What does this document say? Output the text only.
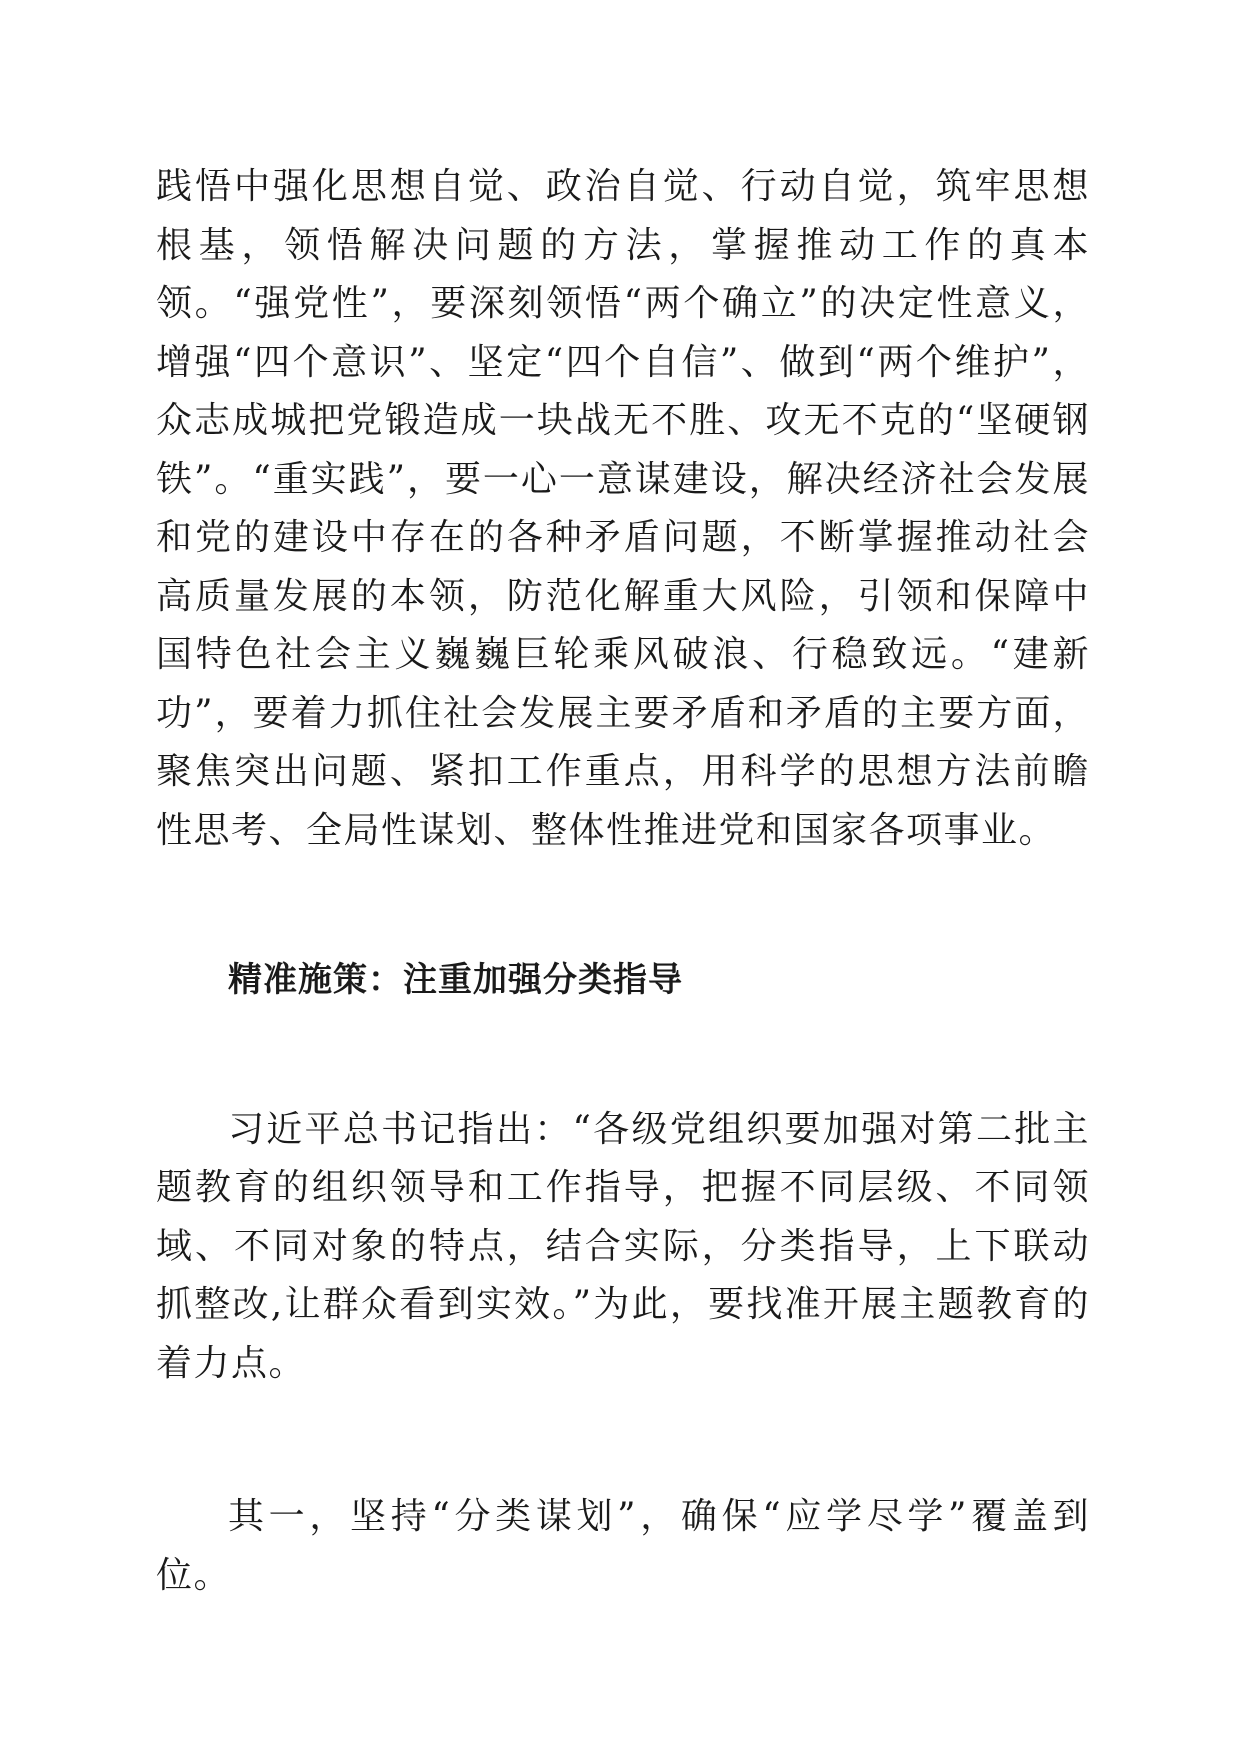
践悟中强化思想自觉、政治自觉、行动自觉，筑牢思想根基，领悟解决问题的方法，掌握推动工作的真本领。“强党性”，要深刻领悟“两个确立”的决定性意义，增强“四个意识”、坚定“四个自信”、做到“两个维护”，众志成城把党锻造成一块战无不胜、攻无不克的“坚硬钢铁”。“重实践”，要一心一意谋建设，解决经济社会发展和党的建设中存在的各种矛盾问题，不断掌握推动社会高质量发展的本领，防范化解重大风险，引领和保障中国特色社会主义巍巍巨轮乘风破浪、行稳致远。“建新功”，要着力抓住社会发展主要矛盾和矛盾的主要方面，聚焦突出问题、紧扣工作重点，用科学的思想方法前瞻性思考、全局性谋划、整体性推进党和国家各项事业。

精准施策：注重加强分类指导

习近平总书记指出：“各级党组织要加强对第二批主题教育的组织领导和工作指导，把握不同层级、不同领域、不同对象的特点，结合实际，分类指导，上下联动抓整改,让群众看到实效。”为此，要找准开展主题教育的着力点。

其一，坚持“分类谋划”，确保“应学尽学”覆盖到位。
